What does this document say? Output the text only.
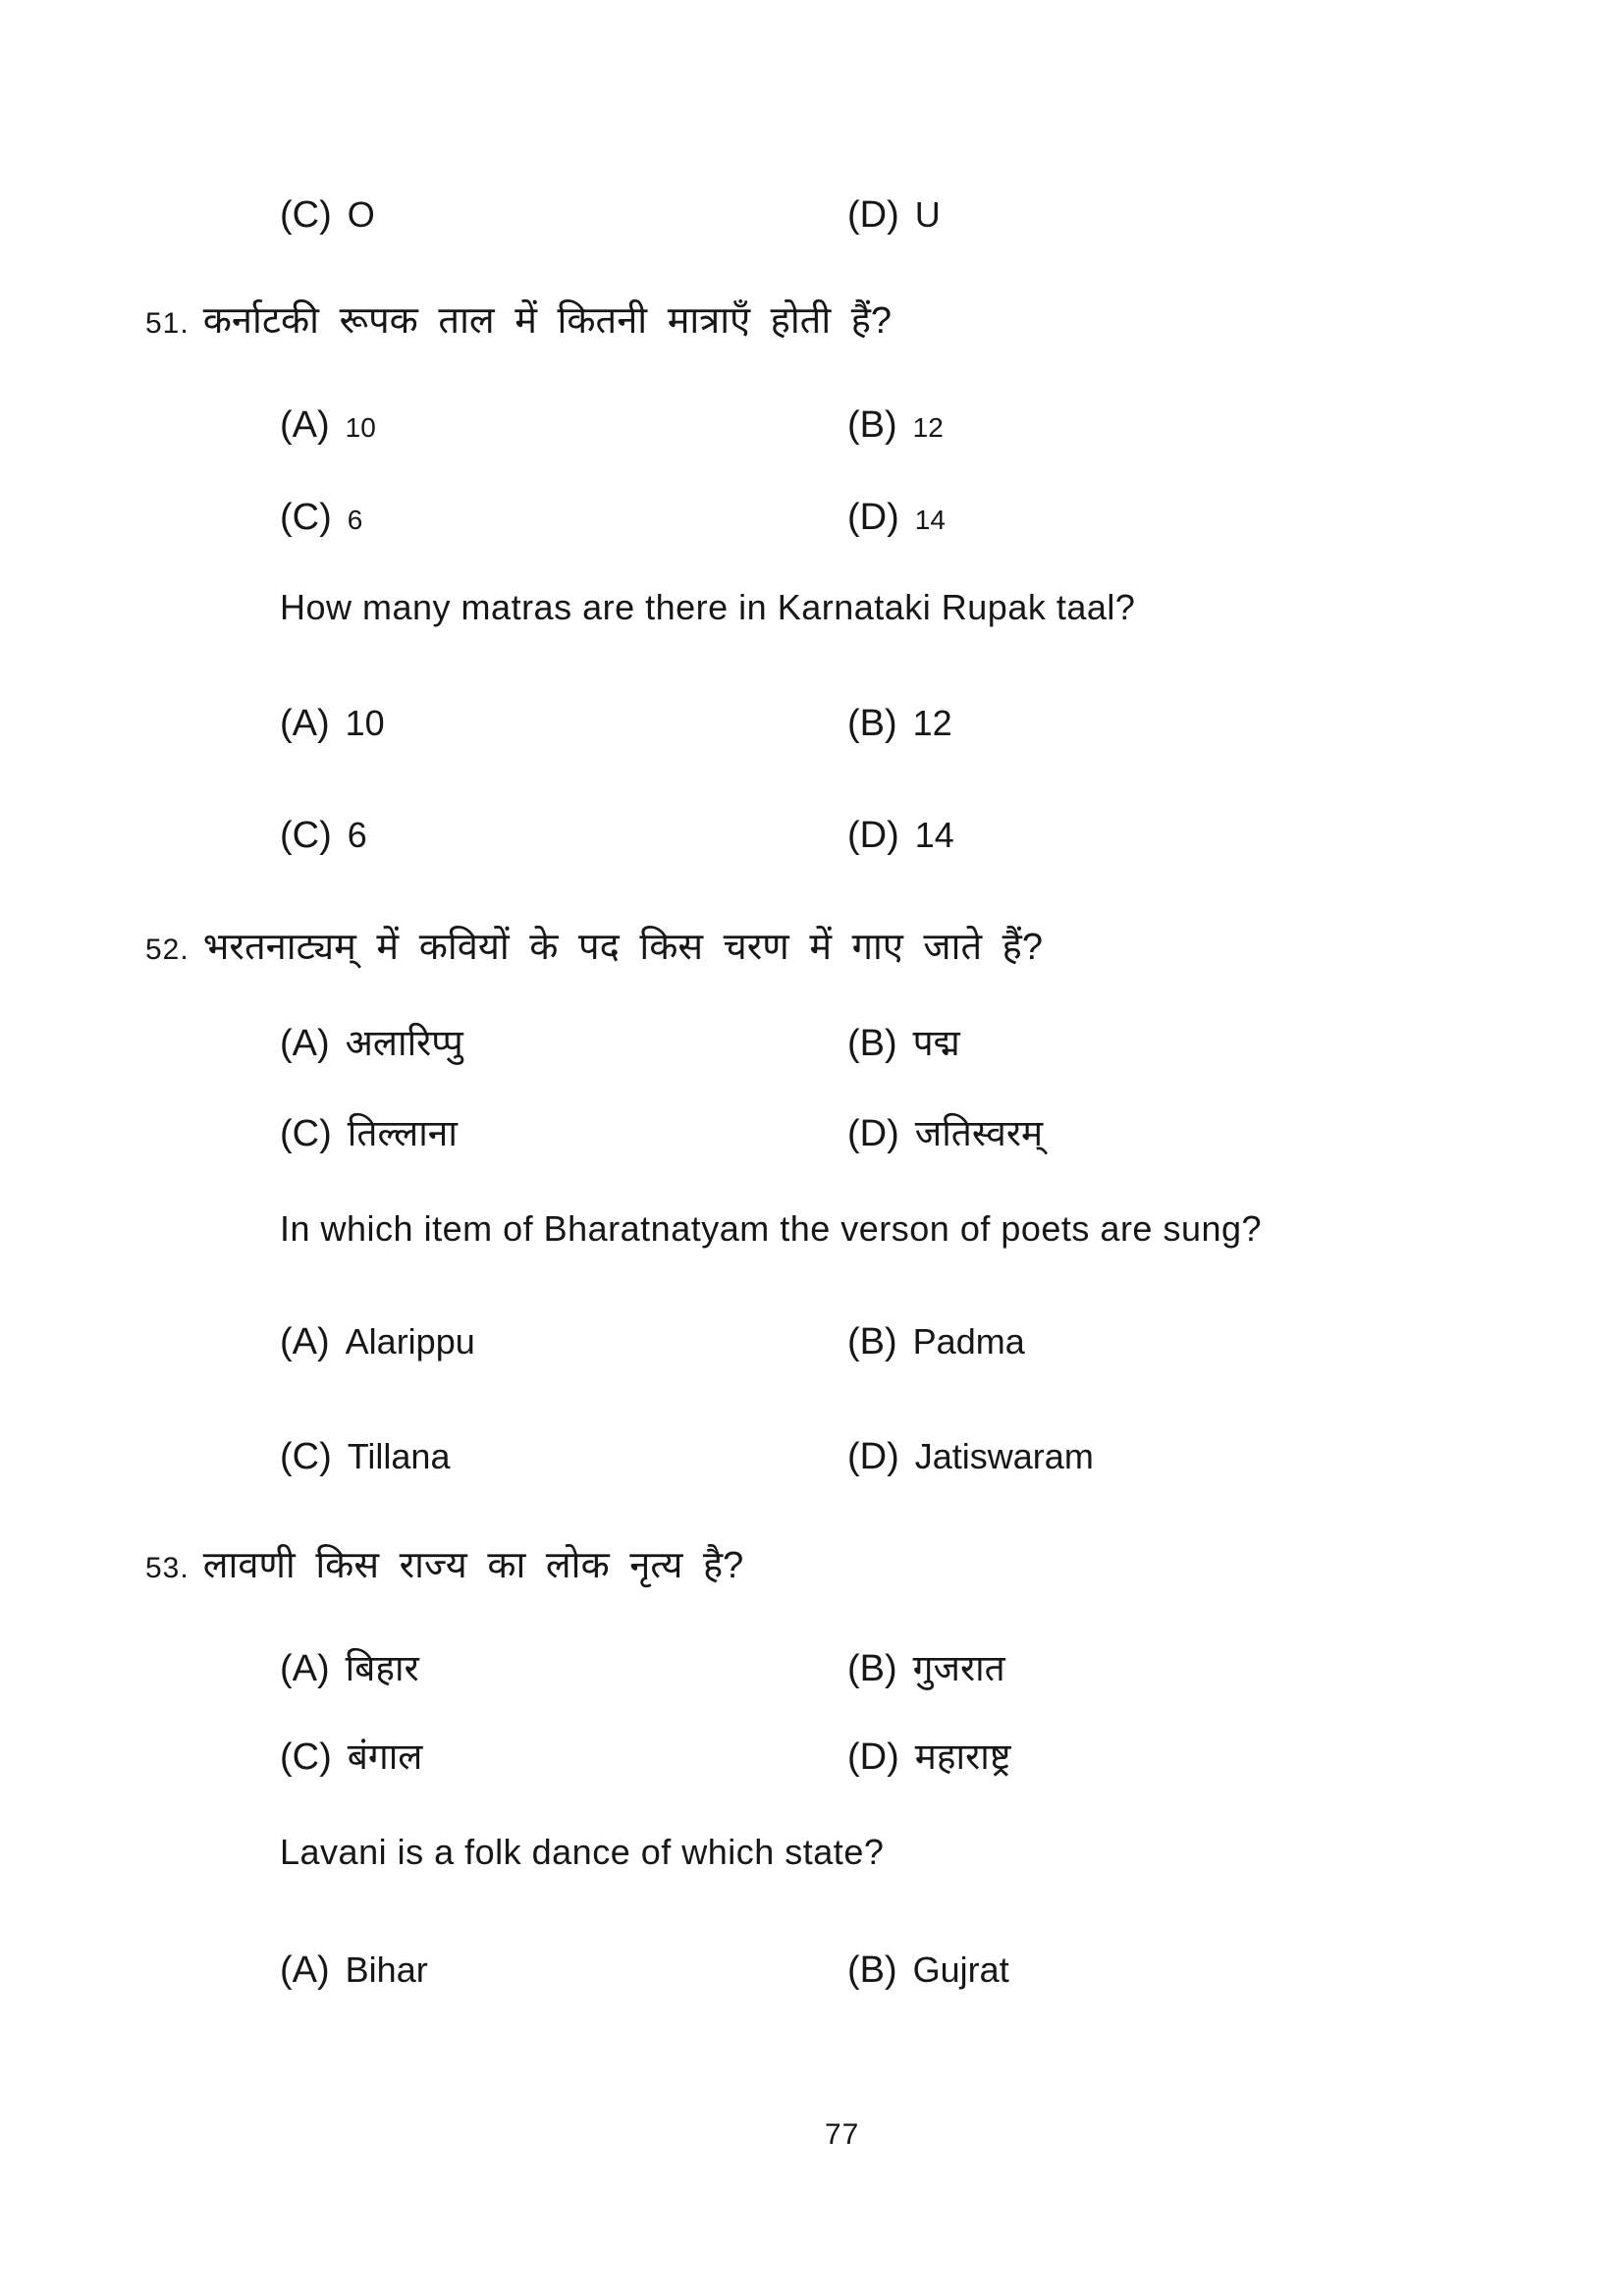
(C) O	(D) U
51. कर्नाटकी रूपक ताल में कितनी मात्राएँ होती हैं?
(A) 10	(B) 12
(C) 6	(D) 14
How many matras are there in Karnataki Rupak taal?
(A) 10	(B) 12
(C) 6	(D) 14
52. भरतनाट्यम् में कवियों के पद किस चरण में गाए जाते हैं?
(A) अलारिप्पु	(B) पद्म
(C) तिल्लाना	(D) जतिस्वरम्
In which item of Bharatnatyam the verson of poets are sung?
(A) Alarippu	(B) Padma
(C) Tillana	(D) Jatiswaram
53. लावणी किस राज्य का लोक नृत्य है?
(A) बिहार	(B) गुजरात
(C) बंगाल	(D) महाराष्ट्र
Lavani is a folk dance of which state?
(A) Bihar	(B) Gujrat
77
